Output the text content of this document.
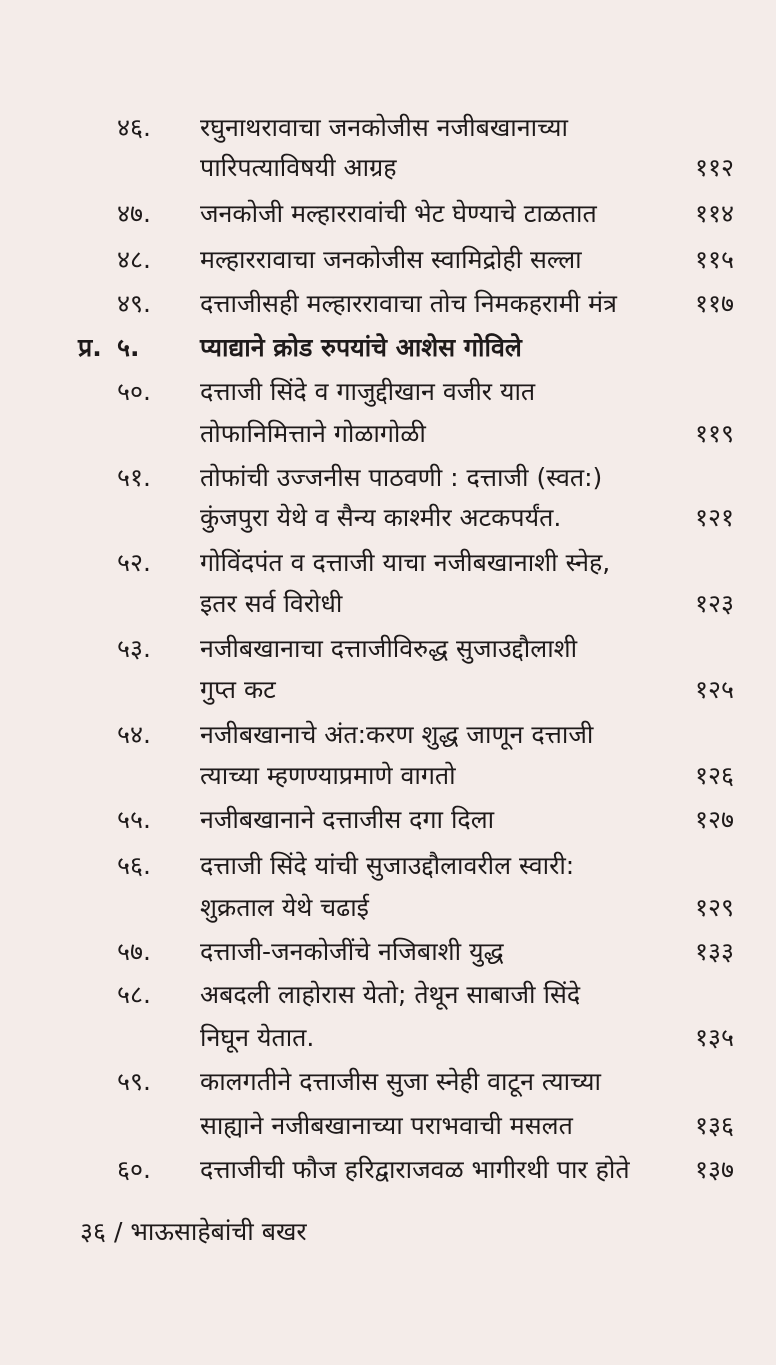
४६. रघुनाथरावाचा जनकोजीस नजीबखानाच्या
पारिपत्याविषयी आग्रह	११२
४७. जनकोजी मल्हाररावांची भेट घेण्याचे टाळतात	११४
४८. मल्हाररावाचा जनकोजीस स्वामिद्रोही सल्ला	११५
४९. दत्ताजीसही मल्हाररावाचा तोच निमकहरामी मंत्र	११७
प्र. ५. प्याद्याने क्रोड रुपयांचे आशेस गोविले
५०. दत्ताजी सिंदे व गाजुद्दीखान वजीर यात
तोफानिमित्ताने गोळागोळी	११९
५१. तोफांची उज्जनीस पाठवणी : दत्ताजी (स्वत:)
कुंजपुरा येथे व सैन्य काश्मीर अटकपर्यंत.	१२१
५२. गोविंदपंत व दत्ताजी याचा नजीबखानाशी स्नेह,
इतर सर्व विरोधी	१२३
५३. नजीबखानाचा दत्ताजीविरुद्ध सुजाउद्दौलाशी
गुप्त कट	१२५
५४. नजीबखानाचे अंत:करण शुद्ध जाणून दत्ताजी
त्याच्या म्हणण्याप्रमाणे वागतो	१२६
५५. नजीबखानाने दत्ताजीस दगा दिला	१२७
५६. दत्ताजी सिंदे यांची सुजाउद्दौलावरील स्वारी:
शुक्रताल येथे चढाई	१२९
५७. दत्ताजी-जनकोजींचे नजिबाशी युद्ध	१३३
५८. अबदली लाहोरास येतो; तेथून साबाजी सिंदे
निघून येतात.	१३५
५९. कालगतीने दत्ताजीस सुजा स्नेही वाटून त्याच्या
साह्याने नजीबखानाच्या पराभवाची मसलत	१३६
६०. दत्ताजीची फौज हरिद्वाराजवळ भागीरथी पार होते	१३७
३६ / भाऊसाहेबांची बखर
